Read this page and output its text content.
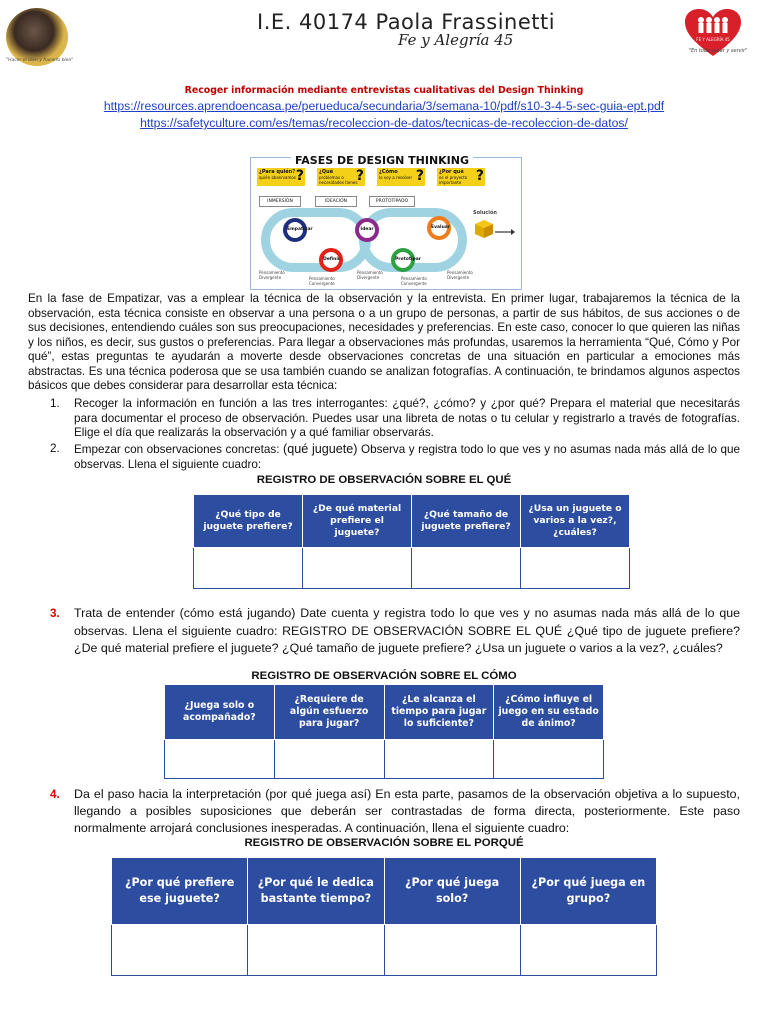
"Hacer el bien y hacerlo bien"
I.E. 40174 Paola Frassinetti
Fe y Alegría 45	FE Y ALEGRÍA 45
"En todo amar y servir"
Recoger información mediante entrevistas cualitativas del Design Thinking
https://resources.aprendoencasa.pe/perueduca/secundaria/3/semana-10/pdf/s10-3-4-5-sec-guia-ept.pdf
https://safetyculture.com/es/temas/recoleccion-de-datos/tecnicas-de-recoleccion-de-datos/
FASES DE DESIGN THINKING
¿Para quién?
quién observamos ?	¿Qué
problemas o necesidades tienes
?	¿Cómo
lo voy a resolver ?	¿Por qué
es el proyecto importante	?
INMERSIÓN	IDEACIÓN	PROTOTIPADO
Empatizar
Definir
Idear
Prototipar
Evaluar
Solución
Pensamiento Divergente	Pensamiento Convergente
Pensamiento Divergente	Pensamiento Convergente
Pensamiento Divergente
En la fase de Empatizar, vas a emplear la técnica de la observación y la entrevista. En primer lugar, trabajaremos la técnica de la observación, esta técnica consiste en observar a una persona o a un grupo de personas, a partir de sus hábitos, de sus acciones o de sus decisiones, entendiendo cuáles son sus preocupaciones, necesidades y preferencias. En este caso, conocer lo que quieren las niñas y los niños, es decir, sus gustos o preferencias. Para llegar a observaciones más profundas, usaremos la herramienta “Qué, Cómo y Por qué”, estas preguntas te ayudarán a moverte desde observaciones concretas de una situación en particular a emociones más abstractas. Es una técnica poderosa que se usa también cuando se analizan fotografías. A continuación, te brindamos algunos aspectos básicos que debes considerar para desarrollar esta técnica:
1.	Recoger la información en función a las tres interrogantes: ¿qué?, ¿cómo? y ¿por qué? Prepara el material que necesitarás para documentar el proceso de observación. Puedes usar una libreta de notas o tu celular y registrarlo a través de fotografías. Elige el día que realizarás la observación y a qué familiar observarás.
2.	Empezar con observaciones concretas: (qué juguete) Observa y registra todo lo que ves y no asumas nada más allá de lo que observas. Llena el siguiente cuadro:
REGISTRO DE OBSERVACIÓN SOBRE EL QUÉ
¿Qué tipo de juguete prefiere?	¿De qué material prefiere el juguete?	¿Qué tamaño de juguete prefiere?	¿Usa un juguete o varios a la vez?, ¿cuáles?

3.	Trata de entender (cómo está jugando) Date cuenta y registra todo lo que ves y no asumas nada más allá de lo que observas. Llena el siguiente cuadro: REGISTRO DE OBSERVACIÓN SOBRE EL QUÉ ¿Qué tipo de juguete prefiere? ¿De qué material prefiere el juguete? ¿Qué tamaño de juguete prefiere? ¿Usa un juguete o varios a la vez?, ¿cuáles?
REGISTRO DE OBSERVACIÓN SOBRE EL CÓMO
¿Juega solo o acompañado?	¿Requiere de algún esfuerzo para jugar?	¿Le alcanza el tiempo para jugar lo suficiente?	¿Cómo influye el juego en su estado de ánimo?

4.	Da el paso hacia la interpretación (por qué juega así) En esta parte, pasamos de la observación objetiva a lo supuesto, llegando a posibles suposiciones que deberán ser contrastadas de forma directa, posteriormente. Este paso normalmente arrojará conclusiones inesperadas. A continuación, llena el siguiente cuadro:
REGISTRO DE OBSERVACIÓN SOBRE EL PORQUÉ
¿Por qué prefiere ese juguete?	¿Por qué le dedica bastante tiempo?	¿Por qué juega solo?	¿Por qué juega en grupo?
